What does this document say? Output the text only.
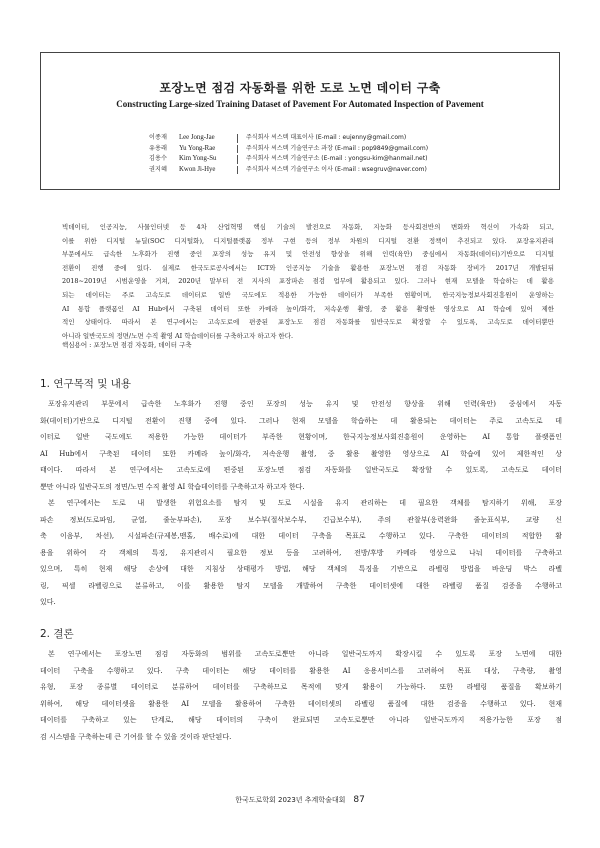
포장노면 점검 자동화를 위한 도로 노면 데이터 구축
Constructing Large-sized Training Dataset of Pavement For Automated Inspection of Pavement
이종재	Lee Jong-Jae	주식회사 씨스텍 대표이사 (E-mail : eujenny@gmail.com)
유용래	Yu Yong-Rae	주식회사 씨스텍 기술연구소 과장 (E-mail : pop9849@gmail.com)
김용수	Kim Yong-Su	주식회사 씨스텍 기술연구소 (E-mail : yongsu-kim@hanmail.net)
권지혜	Kwon Ji-Hye	주식회사 씨스텍 기술연구소 이사 (E-mail : wsegruv@naver.com)
빅데이터, 인공지능, 사물인터넷 등 4차 산업혁명 핵심 기술의 발전으로 자동화, 지능화 등사회전반의 변화와 혁신이 가속화 되고,
이를 위한 디지털 뉴딜(SOC 디지털화), 디지털플랫폼 정부 구현 등의 정부 차원의 디지털 전환 정책이 추진되고 있다. 포장유지관리
부문에서도 급속한 노후화가 진행 중인 포장의 성능 유지 및 안전성 향상을 위해 인력(육안) 중심에서 자동화(데이터)기반으로 디지털
전환이 진행 중에 있다. 실제로 한국도로공사에서는 ICT와 인공지능 기술을 활용한 포장노면 점검 자동화 장비가 2017년 개발된뒤
2018~2019년 시범운영을 거쳐, 2020년 말부터 전 지사의 포장파손 점검 업무에 활용되고 있다. 그러나 현재 모델을 학습하는 데 활용
되는 데이터는 주로 고속도로 데이터로 일반 국도에도 적용한 가능한 데이터가 부족한 현황이며, 한국지능정보사회진흥원이 운영하는
AI 통합 플랫폼인 AI Hub에서 구축된 데이터 또한 카메라 높이/화각, 저속운행 촬영, 중 활용 촬영한 영상으로 AI 학습에 있어 제한
적인 상태이다. 따라서 본 연구에서는 고속도로에 편중된 포장노도 점검 자동화를 일반국도로 확장할 수 있도록, 고속도로 데이터뿐만
아니라 일반국도의 정면/노면 수직 촬영 AI 학습데이터를 구축하고자 하고자 한다.
핵심용어 : 포장노면 점검 자동화, 데이터 구축
1. 연구목적 및 내용
포장유지관리 부문에서 급속한 노후화가 진행 중인 포장의 성능 유지 및 안전성 향상을 위해 인력(육안) 중심에서 자동
화(데이터)기반으로 디지털 전환이 진행 중에 있다. 그러나 현재 모델을 학습하는 데 활용되는 데이터는 주로 고속도로 데
이터로 일반 국도에도 적용한 가능한 데이터가 부족한 현황이며, 한국지능정보사회진흥원이 운영하는 AI 통합 플랫폼인
AI Hub에서 구축된 데이터 또한 카메라 높이/화각, 저속운행 촬영, 중 활용 촬영한 영상으로 AI 학습에 있어 제한적인 상
태이다. 따라서 본 연구에서는 고속도로에 편중된 포장노면 점검 자동화를 일반국도로 확장할 수 있도록, 고속도로 데이터
뿐만 아니라 일반국도의 정면/노면 수직 촬영 AI 학습데이터를 구축하고자 하고자 한다.
본 연구에서는 도로 내 발생한 위험요소를 탐지 및 도로 시설을 유지 관리하는 데 필요한 객체를 탐지하기 위해, 포장
파손 정보(도로파임, 균열, 줄눈부파손), 포장 보수부(절삭보수부, 긴급보수부), 주의 관찰부(응력완화 줄눈표식부, 교량 신
축 이음부, 차선), 시설파손(규제봉,맨홀, 배수로)에 대한 데이터 구축을 목표로 수행하고 있다. 구축한 데이터의 적합한 활
용을 위하여 각 객체의 특징, 유지관리시 필요한 정보 등을 고려하여, 전방/후방 카메라 영상으로 나눠 데이터를 구축하고
있으며, 특히 현재 해당 손상에 대한 지침상 상태평가 방법, 해당 객체의 특징을 기반으로 라벨링 방법을 바운딩 박스 라벨
링, 픽셀 라벨링으로 분류하고, 이를 활용한 탐지 모델을 개발하여 구축한 데이터셋에 대한 라벨링 품질 검증을 수행하고
있다.
2. 결론
본 연구에서는 포장노면 점검 자동화의 범위를 고속도로뿐만 아니라 일반국도까지 확장시킬 수 있도록 포장 노면에 대한
데이터 구축을 수행하고 있다. 구축 데이터는 해당 데이터를 활용한 AI 응용서비스를 고려하여 목표 대상, 구축량, 촬영
유형, 포장 종류별 데이터로 분류하여 데이터를 구축하므로 목적에 맞게 활용이 가능하다. 또한 라벨링 품질을 확보하기
위하여, 해당 데이터셋을 활용한 AI 모델을 활용하여 구축한 데이터셋의 라벨링 품질에 대한 검증을 수행하고 있다. 현재
데이터를 구축하고 있는 단계로, 해당 데이터의 구축이 완료되면 고속도로뿐만 아니라 일반국도까지 적용가능한 포장 점
검 시스템을 구축하는데 큰 기여를 할 수 있을 것이라 판단된다.
한국도로학회 2023년 추계학술대회 87
